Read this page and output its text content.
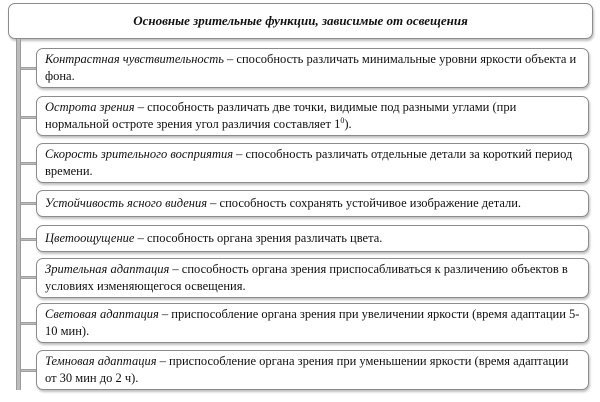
Основные зрительные функции, зависимые от освещения

Контрастная чувствительность – способность различать минимальные уровни яркости объекта и фона.

Острота зрения – способность различать две точки, видимые под разными углами (при нормальной остроте зрения угол различия составляет $1^0$).

Скорость зрительного восприятия – способность различать отдельные детали за короткий период времени.

Устойчивость ясного видения – способность сохранять устойчивое изображение детали.

Цветоощущение – способность органа зрения различать цвета.

Зрительная адаптация – способность органа зрения приспосабливаться к различению объектов в условиях изменяющегося освещения.

Световая адаптация – приспособление органа зрения при увеличении яркости (время адаптации 5-10 мин).

Темновая адаптация – приспособление органа зрения при уменьшении яркости (время адаптации от 30 мин до 2 ч).
